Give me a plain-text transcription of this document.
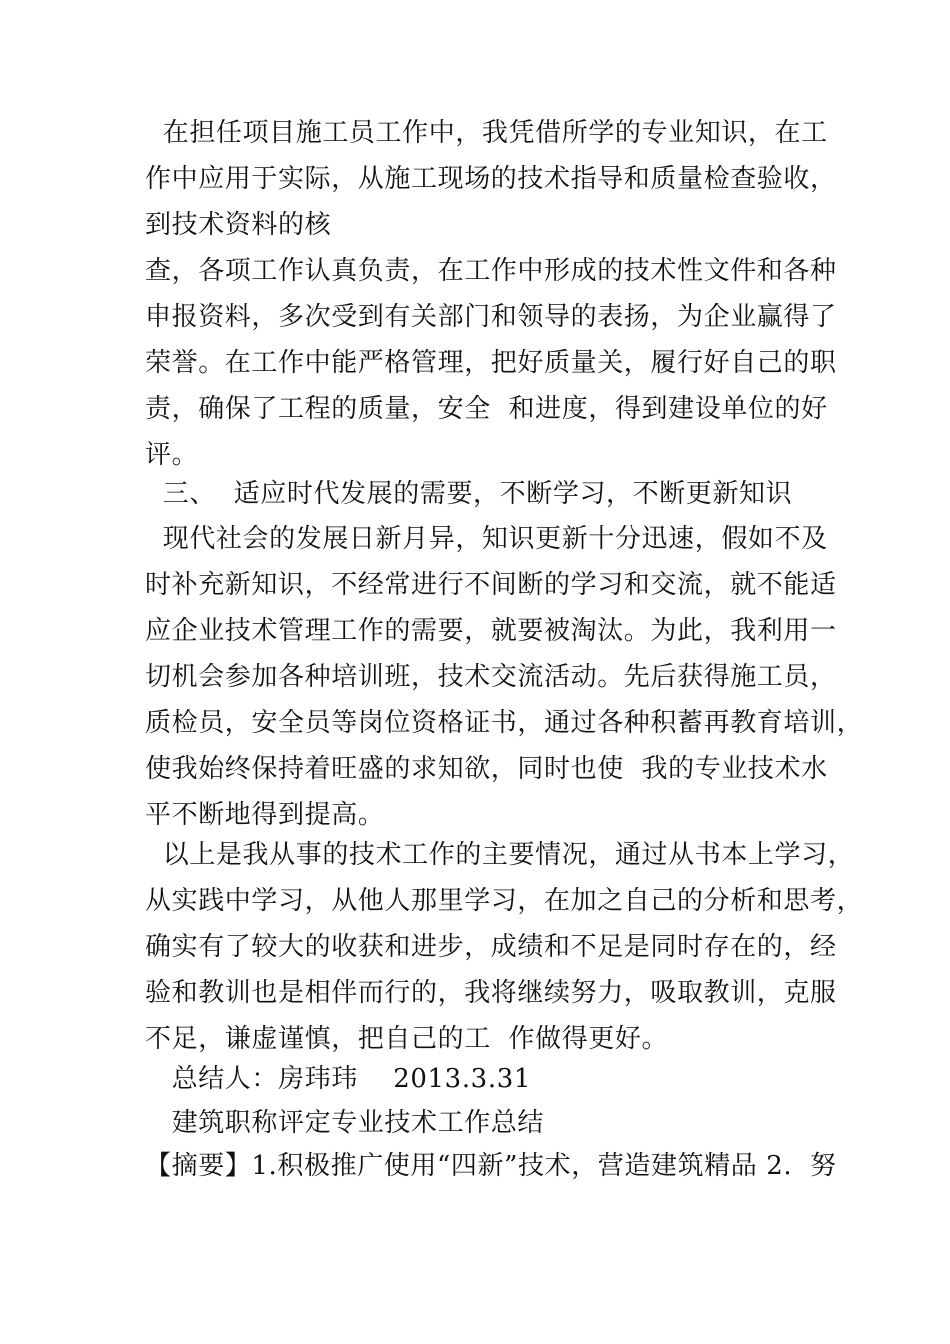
在担任项目施工员工作中，我凭借所学的专业知识，在工
作中应用于实际，从施工现场的技术指导和质量检查验收，
到技术资料的核
查，各项工作认真负责，在工作中形成的技术性文件和各种
申报资料，多次受到有关部门和领导的表扬，为企业赢得了
荣誉。在工作中能严格管理，把好质量关，履行好自己的职
责，确保了工程的质量，安全  和进度，得到建设单位的好
评。
三、  适应时代发展的需要，不断学习，不断更新知识
现代社会的发展日新月异，知识更新十分迅速，假如不及
时补充新知识，不经常进行不间断的学习和交流，就不能适
应企业技术管理工作的需要，就要被淘汰。为此，我利用一
切机会参加各种培训班，技术交流活动。先后获得施工员，
质检员，安全员等岗位资格证书，通过各种积蓄再教育培训，
使我始终保持着旺盛的求知欲，同时也使  我的专业技术水
平不断地得到提高。
以上是我从事的技术工作的主要情况，通过从书本上学习，
从实践中学习，从他人那里学习，在加之自己的分析和思考，
确实有了较大的收获和进步，成绩和不足是同时存在的，经
验和教训也是相伴而行的，我将继续努力，吸取教训，克服
不足，谦虚谨慎，把自己的工  作做得更好。
总结人：房玮玮    2013.3.31
建筑职称评定专业技术工作总结
【摘要】1.积极推广使用“四新”技术，营造建筑精品 2.  努
